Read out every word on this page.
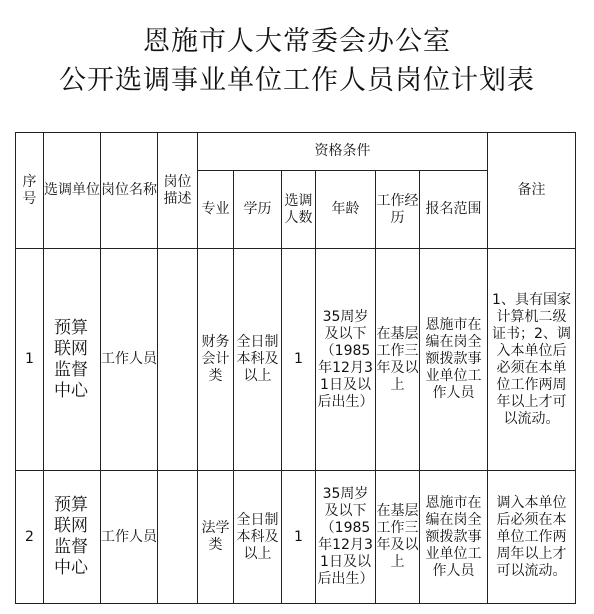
恩施市人大常委会办公室
公开选调事业单位工作人员岗位计划表
序号	选调单位	岗位名称	岗位描述	资格条件						备注
				专业	学历	选调人数	年龄	工作经历	报名范围	
1	预算联网监督中心	工作人员		财务会计类	全日制本科及以上	1	35周岁及以下（1985年12月31日及以后出生）	在基层工作三年及以上	恩施市在编在岗全额拨款事业单位工作人员	1、具有国家计算机二级证书；2、调入本单位后必须在本单位工作两周年以上才可以流动。
2	预算联网监督中心	工作人员		法学类	全日制本科及以上	1	35周岁及以下（1985年12月31日及以后出生）	在基层工作三年及以上	恩施市在编在岗全额拨款事业单位工作人员	调入本单位后必须在本单位工作两周年以上才可以流动。
